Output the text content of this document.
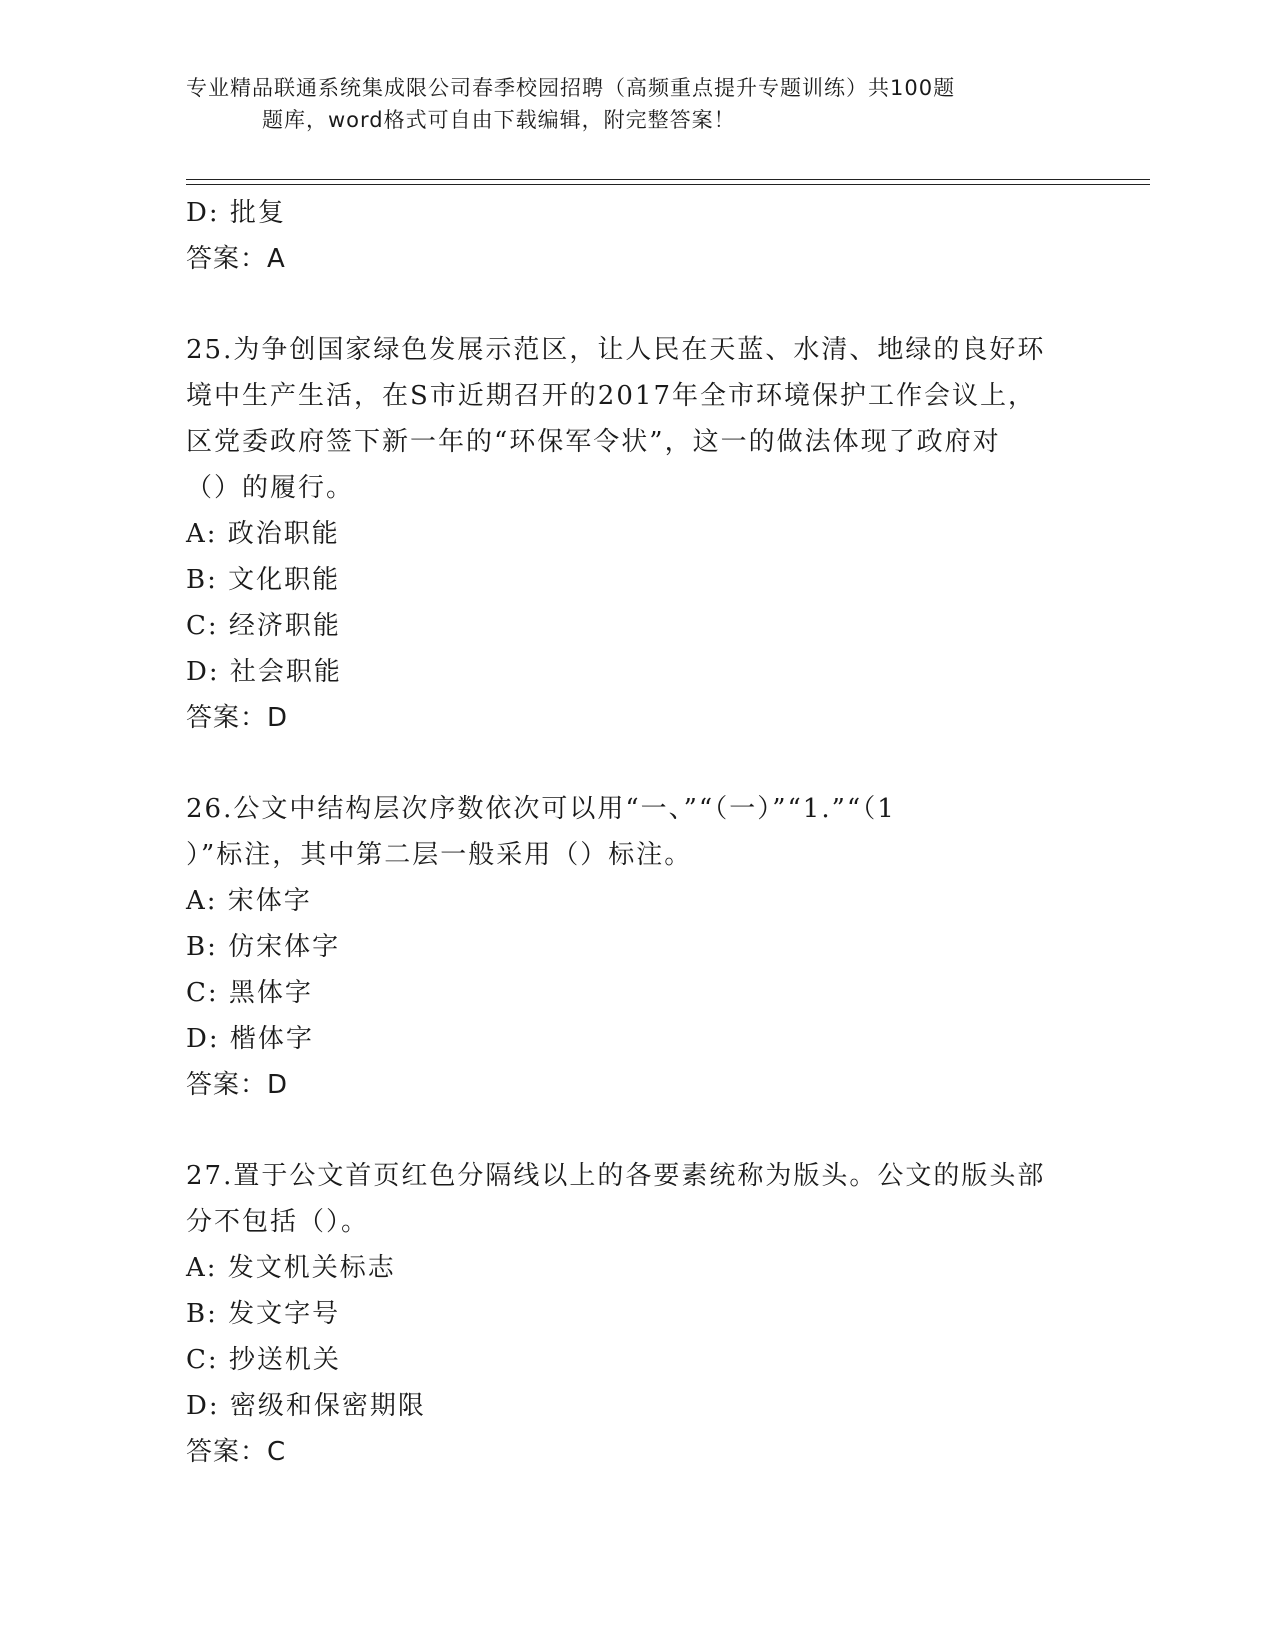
专业精品联通系统集成限公司春季校园招聘（高频重点提升专题训练）共100题
题库，word格式可自由下载编辑，附完整答案！
D: 批复
答案：A
25.为争创国家绿色发展示范区，让人民在天蓝、水清、地绿的良好环
境中生产生活，在S市近期召开的2017年全市环境保护工作会议上，
区党委政府签下新一年的“环保军令状”，这一的做法体现了政府对
（）的履行。
A: 政治职能
B: 文化职能
C: 经济职能
D: 社会职能
答案：D
26.公文中结构层次序数依次可以用“一、”“（一）”“1.”“（1
）”标注，其中第二层一般采用（）标注。
A: 宋体字
B: 仿宋体字
C: 黑体字
D: 楷体字
答案：D
27.置于公文首页红色分隔线以上的各要素统称为版头。公文的版头部
分不包括（）。
A: 发文机关标志
B: 发文字号
C: 抄送机关
D: 密级和保密期限
答案：C
